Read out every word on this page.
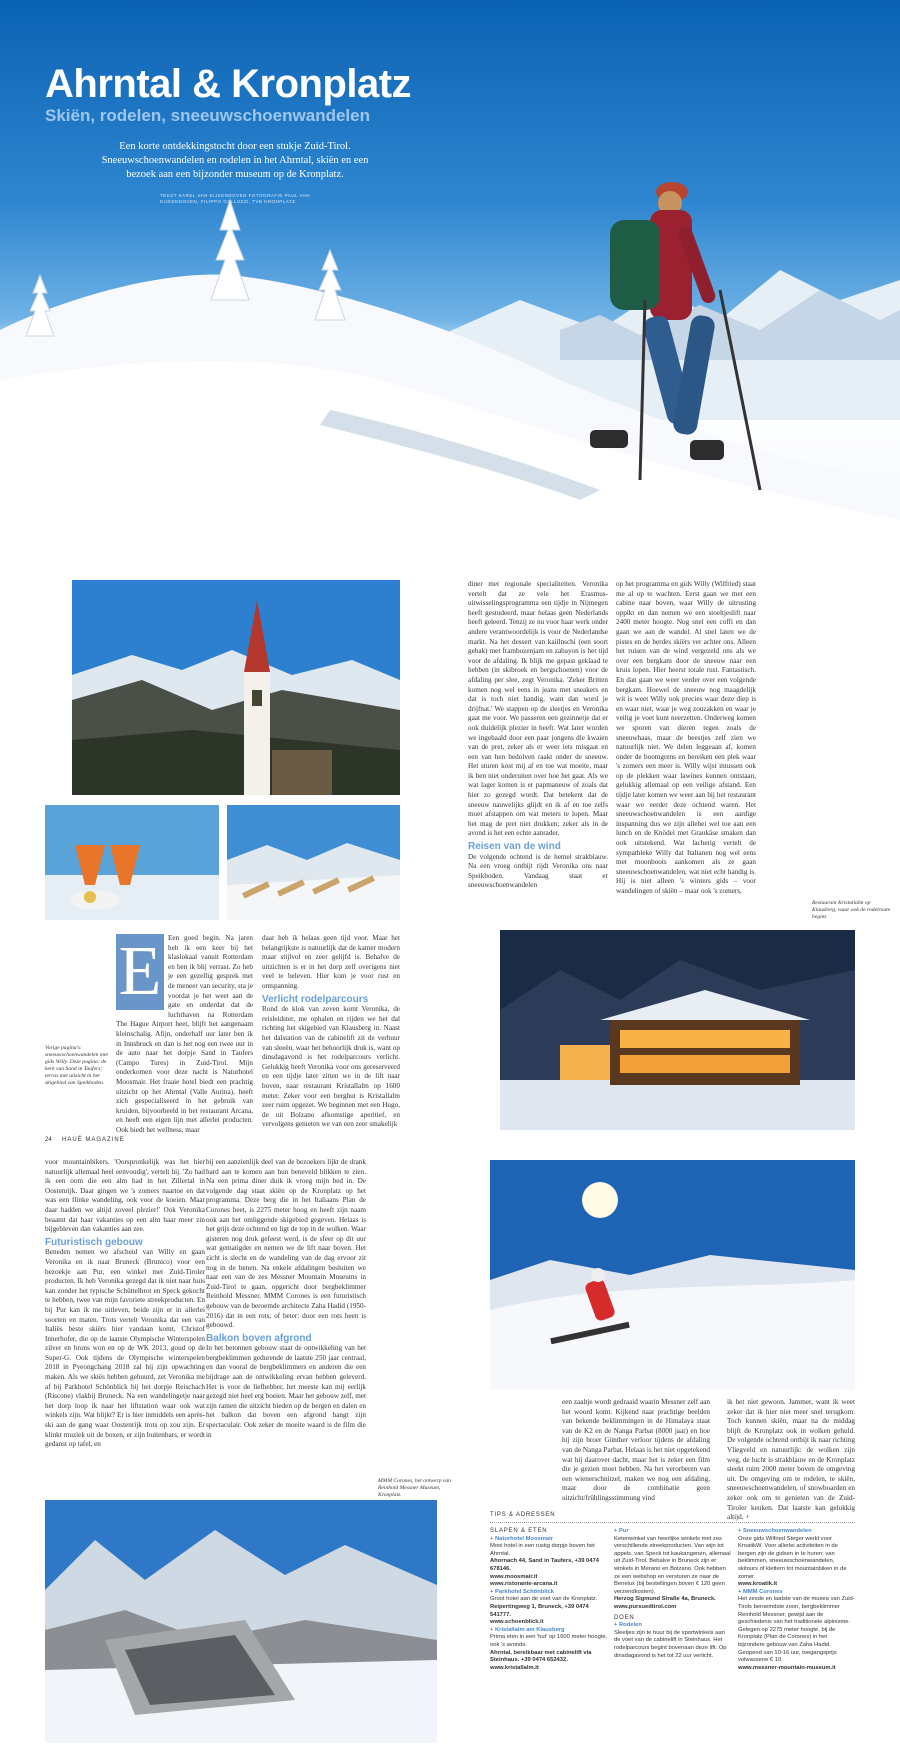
Ahrntal & Kronplatz
Skiën, rodelen, sneeuwschoenwandelen
Een korte ontdekkingstocht door een stukje Zuid-Tirol. Sneeuwschoenwandelen en rodelen in het Ahrntal, skiën en een bezoek aan een bijzonder museum op de Kronplatz.
TEKST KAREL VAN KIJKENDOVEN FOTOGRAFIE PAUL VAN KIJKENDOVEN, FILIPPO GALLUZZI, TVB KRONPLATZ
E Een goed begin. Na jaren heb ik een keer bij het klaslokaal vanuit Rotterdam en ben ik blij verrast. Zo heb je een gezellig gesprek met de meneer van security, sta je voordat je het weet aan de gate en onderdat dat de luchthaven na Rotterdam The Hague Airport heet, blijft het aangenaam kleinschalig. Afijn, onderhalf uur later ben ik in Innsbruck en dan is het nog een twee uur in de auto naar het dorpje Sand in Taufers (Campo Tures) in Zuid-Tirol. Mijn onderkomen voor deze nacht is Naturhotel Moosmair. Het fraaie hotel biedt een prachtig uitzicht op het Ahrntal (Valle Aurina), heeft zich gespecialiseerd in het gebruik van kruiden, bijvoorbeeld in het restaurant Arcana, en heeft een eigen lijn met allerlei producten. Ook biedt het wellness, maar
daar heb ik helaas geen tijd voor. Maar het belangrijkste is natuurlijk dat de kamer modern maar stijlvol en zeer gelijfd is. Behalve de uitzichten is er in het dorp zelf overigens niet veel te beleven. Hier kom je voor rust en ontspanning.
Verlicht rodelparcours
Rond de klok van zeven komt Veronika, de reisleidster, me ophalen en rijden we het dal richting het skigebied van Klausberg in. Naast het dalstation van de cabinelift zit de verhuur van sleeën, waar het behoorlijk druk is, want op dinsdagavond is het rodelparcours verlicht. Gelukkig heeft Veronika voor ons gereserveerd en een tijdje later zitten we in de lift naar boven, naar restaurant Kristallalm op 1600 meter. Zeker voor een berghut is Kristallalm zeer ruim opgezet. We beginnen met een Hugo, de uit Bolzano afkomstige aperitief, en vervolgens genieten we van een zeer smakelijk
Vorige pagina's: sneeuwschoenwandelen met gids Willy. Deze pagina: de kerk van Sand in Taufers; terras met uitzicht in het skigebied van Speikboden.
diner met regionale specialiteiten. Veronika vertelt dat ze vele het Erasmus-uitwisselingsprogramma een tijdje in Nijmegen heeft gestudeerd, maar helaas geen Nederlands heeft geleerd. Tenzij ze nu voor haar werk onder andere verantwoordelijk is voor de Nederlandse markt. Na het dessert van kaiilnschi (een soort gebak) met frambozenjam en zabayon is het tijd voor de afdaling. Ik blijk me gepast geklaad te hebben (in skibroek en bergschoenen) voor de afdaling per slee, zegt Veronika. 'Zeker Britten komen nog wel eens in jeans met sneakers en dat is toch niet handig, want dan word je drijfnat.' We stappen op de sleetjes en Veronika gaat me voor. We passeren een gezinnetje dat er ook duidelijk plezier in heeft. Wat later worden we ingehaald door een paar jongens die kwaien van de pret, zeker als er weer iets misgaat en een van hen bedolven raakt onder de sneeuw. Het sturen kost mij af en toe wat moeite, maar ik ben niet onderuiten over hoe het gaat. Als we wat lager komen is er papmaneuw of zoals dat hier zo gezegd wordt. Dat betekent dat de sneeuw nauwelijks glijdt en ik af en toe zelfs moet afstappen om wat meters te lopen. Maar het mag de pret niet drukken; zeker als in de avond is het een echte aanrader.
Reisen van de wind
De volgende ochtend is de hemel strakblauw. Na een vroeg ontbijt rijdt Veronika ons naar Speikboden. Vandaag staat er sneeuwschoenwandelen
op het programma en gids Willy (Wilfried) staat me al op te wachten. Eerst gaan we met een cabine naar boven, waar Willy de uitrusting oppikt en dan nemen we een stoeltjeslift naar 2400 meter hoogte. Nog snel een coffi en dan gaan we aan de wandel. Al snel laten we de pistes en de herdes skiërs ver achter ons. Alleen het ruisen van de wind vergezeld ons als we over een bergkam door de sneeuw naar een kruis lopen. Hier heerst totale rust. Fantastisch. En dan gaan we weer verder over een volgende bergkam. Hoewel de sneeuw nog maagdelijk wit is weet Willy ook precies waar deze diep is en waar niet, waar je weg zouzakken en waar je veilig je voet kunt neerzetten. Onderweg komen we sporen van dieren tegen zoals de sneeuwhaas, maar de beestjes zelf zien we natuurlijk niet. We delen leggeaan af, komen onder de boomgrens en bereiken een plek waar 's zomers een meer is. Willy wijst intussen ook op de plekken waar lawines kunnen ontstaan, gelukkig allemaal op een veilige afstand. Een tijdje later komen we weer aan bij het restaurant waar we eerder deze ochtend waren. Het sneeuwschoenwandelen is een aardige inspanning dus we zijn allebei wel toe aan een lunch en de Knödel met Graukäse smaken dan ook uitstekend. Wat lacherig vertelt de sympathieke Willy dat Italianen nog wel eens met moonboots aankomen als ze gaan sneeuwschoenwandelen, wat niet echt handig is. Hij is niet alleen 's winters gids – voor wandelingen of skiën – maar ook 's zomers,
Restaurant Kristallalm op Klausberg, waar ook de rodelroute begint.
24 HAUÉ MAGAZINE
voor mountainbikers. 'Oorspronkelijk was het hier natuurlijk allemaal heel eenvoudig', vertelt hij. 'Zo had ik een oom die een alm had in het Zillertal in Oostenrijk. Daar gingen we 's zomers naartoe en dat was een flinke wandeling, ook voor de koeien. Maar daar hadden we altijd zoveel plezier!' Ook Veronika beaamt dat haar vakanties op een alm haar meer zin bijgebleven dan vakanties aan zee.
Futuristisch gebouw
Beneden nemen we afscheid van Willy en gaan Veronika en ik naar Bruneck (Brunico) voor een bezoekje aan Pur, een winkel met Zuid-Tiroler producten. Ik heb Veronika gezegd dat ik niet naar huis kan zonder het typische Schüttelbrot en Speck gekocht te hebben, twee van mijn favoriete streekproducten. En bij Pur kan ik me uitleven, beide zijn er in allerlei soorten en maten. Trots vertelt Veronika dat een van Italiës beste skiërs hier vandaan komt, Christof Innerhofer, die op de laatste Olympische Winterspelen zilver en brons won en op de WK 2013, goud op de Super-G. Ook tijdens de Olympische winterspelen 2018 in Pyeongchang 2018 zal hij zijn opwachting maken. Als we skiës hebben gehuurd, zet Veronika me af bij Parkhotel Schönblick bij het dorpje Reischach (Riscone) vlakbij Bruneck. Na een wandelingetje naar het dorp loop ik naar het liftstation waar ook wat winkels zijn. Wat blijkt? Er is hier inmiddels een après-ski aan de gang waar Oostenrijk trots op zou zijn. Er klinkt muziek uit de boxen, er zijn buitenbars, er wordt gedanst op tafel, en
bij een aanzienlijk deel van de bezoekers lijkt de drank hard aan te komen aan hun beneveld blikken te zien. Na een prima diner duik ik vroeg mijn bed in. De volgende dag staat skiën op de Kronplatz op het programma. Deze berg die in het Italiaans Plan de Corones heet, is 2275 meter hoog en heeft zijn naam ook aan het omliggende skigebied gegeven. Helaas is het grijs deze ochtend en ligt de top in de wolken. Waar gisteren nog druk gefeest werd, is de sfeer op dit uur wat gematigder en nemen we de lift naar boven. Het zicht is slecht en de wandeling van de dag ervoor zit nog in de benen. Na enkele afdalingen besluiten we naar een van de zes Messner Mountain Museums in Zuid-Tirol te gaan, opgericht door bergbeklimmer Reinhold Messner. MMM Corones is een futuristisch gebouw van de beroemde architecte Zaha Hadid (1950-2016) dat in een rots, of beter: door een rots heen is gebouwd.
Balkon boven afgrond
In het betonnen gebouw staat de ontwikkeling van het bergbeklimmen gedurende de laatste 250 jaar centraal, en dan vooral de bergbeklimmers en anderen die een bijdrage aan de ontwikkeling ervan hebben geleverd. Het is voor de liefhebber, het meeste kan mij eerlijk gezegd niet heel erg boeien. Maar het gebouw zelf, met zijn ramen die uitzicht bieden op de bergen en dalen en het balkon dat boven een afgrond hangt zijn spectaculair. Ook zeker de moeite waard is de film die in
MMM Corones, het ontwerp van Reinhold Messner Museum, Kronplatz.
een zaaltje wordt gedraaid waarin Messner zelf aan het woord komt. Kijkend naar prachtige beelden van bekende beklimmingen in de Himalaya staat van de K2 en de Nanga Parbat (8000 jaar) en hoe hij zijn broer Günther verloor tijdens de afdaling van de Nanga Parbat. Helaas is het niet opgetekend wat hij daarover dacht, maar het is zeker een film die je gezien moet hebben. Na het verorberen van een wienerschnitzel, maken we nog een afdaling, maar door de combinatie geen uitzicht/frühlingsstimmung vind
ik het niet gewoon. Jammer, want ik weet zeker dat ik hier niet meer snel terugkom. Toch kunnen skiën, maar na de middag blijft de Kronplatz ook in wolken gehuld. De volgende ochtend ontbijt ik naar richting Vliegveld en natuurlijk: de wolken zijn weg, de lucht is strakblauw en de Kronplatz steekt ruim 2000 meter boven de omgeving uit. De omgeving om te rodelen, te skiën, sneeuwschoenwandelen, of snowboarden en zeker ook om te genieten van de Zuid-Tiroler keuken. Dat laatste kan gelukkig altijd. +
TIPS & ADRESSEN
SLAPEN & ETEN
+ Naturhotel Moosmair
Mooi hotel in een rustig dorpje boven het Ahrntal.
Ahornach 44, Sand in Taufers, +39 0474 678146.
www.moosmair.it
www.ristorante-arcana.it
+ Parkhotel Schönblick
Groot hotel aan de voet van de Kronplatz.
Reipertingweg 1, Bruneck, +39 0474 541777.
www.schoenblick.it
+ Kristallalm am Klausberg
Prima eten in een 'hut' op 1600 meter hoogte, ook 's avonds.
Ahrntal, bereikbaar met cabinelift via Steinhaus. +39 0474 652432.
www.kristallalm.it
+ Pur
Ketenwinkel van heerlijke winkels met zes verschillende streekproducten. Van wijn tot appels, van Speck tot kaukangenen, allemaal uit Zuid-Tirol. Behalve in Bruneck zijn er winkels in Merano en Bolzano. Ook hebben ze een webshop en versturen ze naar de Benelux (bij bestellingen boven € 120 geen verzendkosten).
Herzog Sigmund Straße 4a, Bruneck.
www.pursuedtirol.com
DOEN
+ Rodelen
Sleetjes zijn te huur bij de sportwinkels aan de voet van de cabinelift in Steinhaus. Het rodelparcours begint bovenaan deze lift. Op dinsdagavond is het tot 22 uur verlicht.
+ Sneeuwschoenwandelen
Onze gids Wilfried Steger werkt voor KroatikW. Voor allerlei activiteiten in de bergen zijn de gidsen in te huren: van beklimmen, sneeuwschoenwandelen, skitours of klettern tot mountainbiken in de zomer.
www.kroatik.it
+ MMM Corones
Het zesde en laatste van de musea van Zuid-Tirols beroemdste zoon, bergbeklimmer Reinhold Messner, gewijd aan de geschiedenis van het traditionele alpinisme. Gelegen op 2275 meter hoogte, bij de Kronplatz (Plan de Corones) in het bijzondere gebouw van Zaha Hadid. Geopend van 10-16 uur, toegangsprijs volwassene € 10.
www.messner-mountain-museum.it
